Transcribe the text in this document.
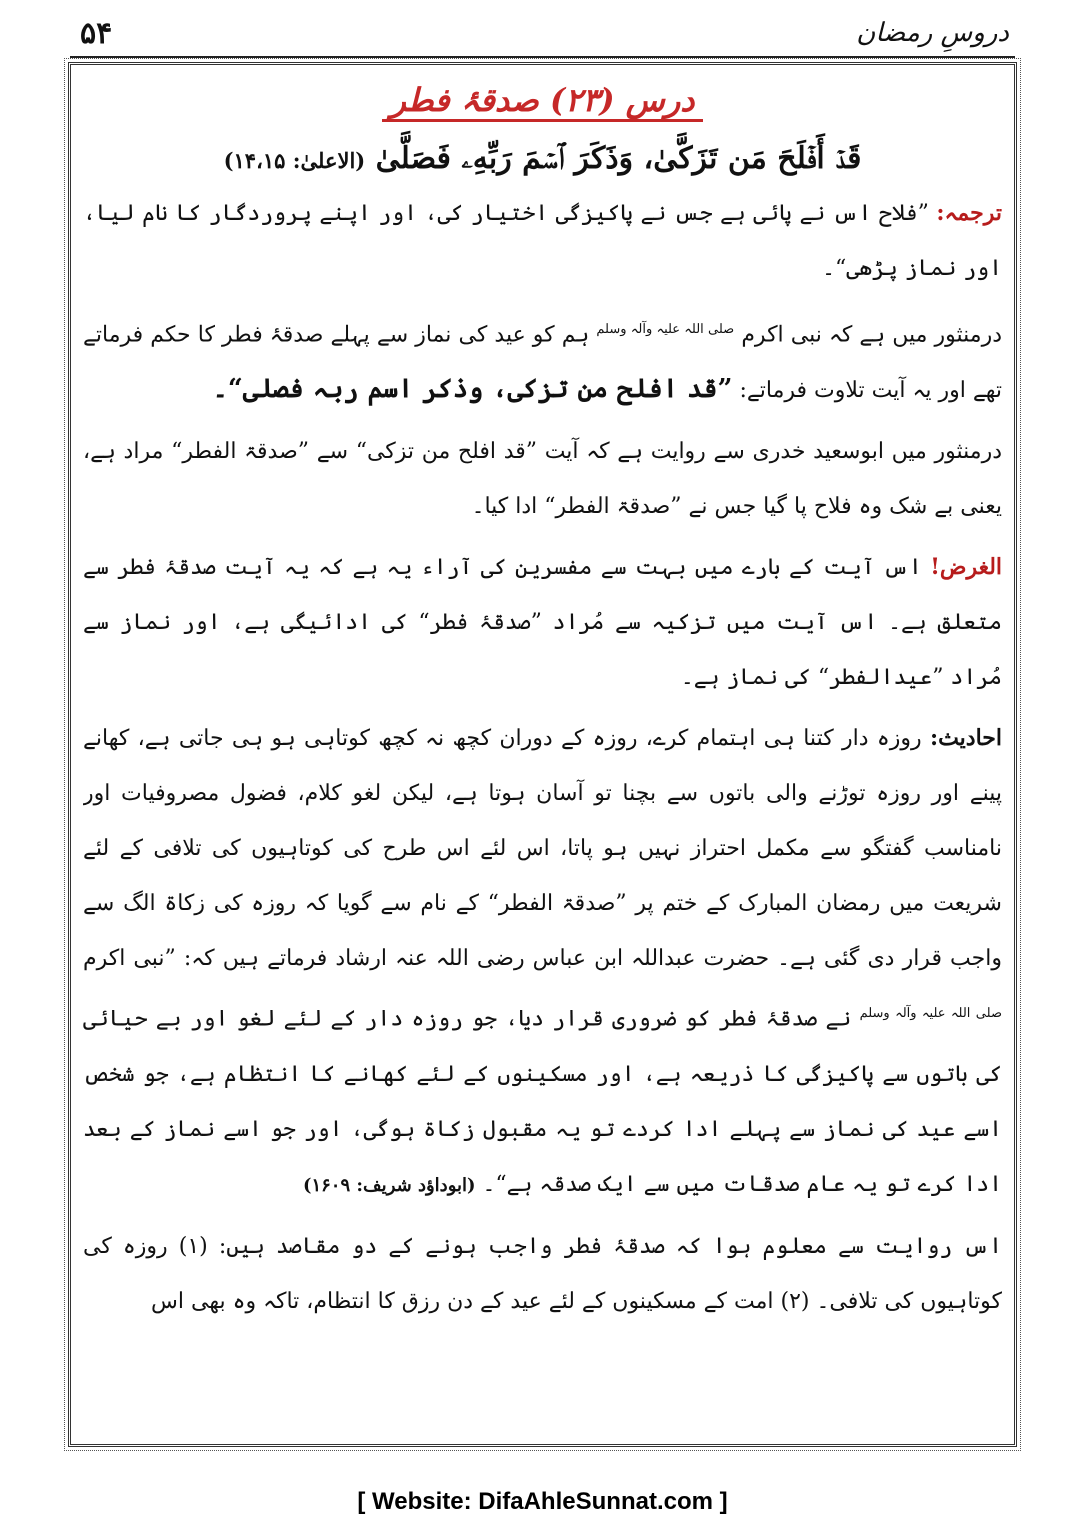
۵۴	دروسِ رمضان
درس (۲۳) صدقۂ فطر
قَدۡ أَفۡلَحَ مَن تَزَكَّىٰ، وَذَكَرَ ٱسۡمَ رَبِّهِۦ فَصَلَّىٰ (الاعلیٰ: ۱۴،۱۵)

ترجمہ: ”فلاح اس نے پائی ہے جس نے پاکیزگی اختیار کی، اور اپنے پروردگار کا نام لیا، اور نماز پڑھی“۔

درمنثور میں ہے کہ نبی اکرم $^{صلی اللہ علیہ وآلہ وسلم}$ ہم کو عید کی نماز سے پہلے صدقۂ فطر کا حکم فرماتے تھے اور یہ آیت تلاوت فرماتے: ”قد افلح من تزکی، وذکر اسم ربہ فصلی“۔

درمنثور میں ابوسعید خدری سے روایت ہے کہ آیت ”قد افلح من تزکی“ سے ”صدقۃ الفطر“ مراد ہے، یعنی بے شک وہ فلاح پا گیا جس نے ”صدقۃ الفطر“ ادا کیا۔

الغرض! اس آیت کے بارے میں بہت سے مفسرین کی آراء یہ ہے کہ یہ آیت صدقۂ فطر سے متعلق ہے۔ اس آیت میں تزکیہ سے مُراد ”صدقۂ فطر“ کی ادائیگی ہے، اور نماز سے مُراد ”عیدالفطر“ کی نماز ہے۔

احادیث: روزہ دار کتنا ہی اہتمام کرے، روزہ کے دوران کچھ نہ کچھ کوتاہی ہو ہی جاتی ہے، کھانے پینے اور روزہ توڑنے والی باتوں سے بچنا تو آسان ہوتا ہے، لیکن لغو کلام، فضول مصروفیات اور نامناسب گفتگو سے مکمل احتراز نہیں ہو پاتا، اس لئے اس طرح کی کوتاہیوں کی تلافی کے لئے شریعت میں رمضان المبارک کے ختم پر ”صدقۃ الفطر“ کے نام سے گویا کہ روزہ کی زکاۃ الگ سے واجب قرار دی گئی ہے۔ حضرت عبداللہ ابن عباس رضی اللہ عنہ ارشاد فرماتے ہیں کہ: ”نبی اکرم $^{صلی اللہ علیہ وآلہ وسلم}$ نے صدقۂ فطر کو ضروری قرار دیا، جو روزہ دار کے لئے لغو اور بے حیائی کی باتوں سے پاکیزگی کا ذریعہ ہے، اور مسکینوں کے لئے کھانے کا انتظام ہے، جو شخص اسے عید کی نماز سے پہلے ادا کردے تو یہ مقبول زکاۃ ہوگی، اور جو اسے نماز کے بعد ادا کرے تو یہ عام صدقات میں سے ایک صدقہ ہے“۔ (ابوداؤد شریف: ۱۶۰۹)

اس روایت سے معلوم ہوا کہ صدقۂ فطر واجب ہونے کے دو مقاصد ہیں: (۱) روزہ کی کوتاہیوں کی تلافی۔ (۲) امت کے مسکینوں کے لئے عید کے دن رزق کا انتظام، تاکہ وہ بھی اس

[ Website: DifaAhleSunnat.com ]
